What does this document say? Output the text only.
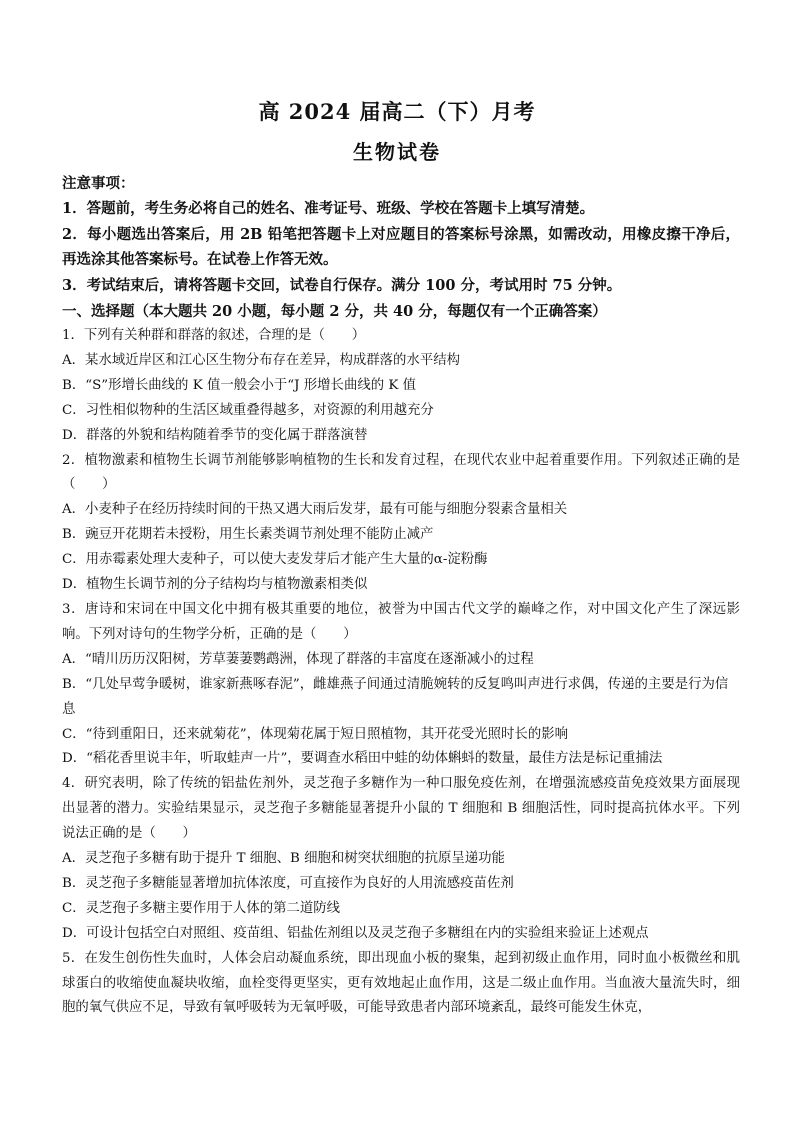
高 2024 届高二（下）月考
生物试卷
注意事项：
1．答题前，考生务必将自己的姓名、准考证号、班级、学校在答题卡上填写清楚。
2．每小题选出答案后，用 2B 铅笔把答题卡上对应题目的答案标号涂黑，如需改动，用橡皮擦干净后，再选涂其他答案标号。在试卷上作答无效。
3．考试结束后，请将答题卡交回，试卷自行保存。满分 100 分，考试用时 75 分钟。
一、选择题（本大题共 20 小题，每小题 2 分，共 40 分，每题仅有一个正确答案）
1．下列有关种群和群落的叙述，合理的是（　　）
A．某水域近岸区和江心区生物分布存在差异，构成群落的水平结构
B．“S”形增长曲线的 K 值一般会小于“J 形增长曲线的 K 值
C．习性相似物种的生活区域重叠得越多，对资源的利用越充分
D．群落的外貌和结构随着季节的变化属于群落演替
2．植物激素和植物生长调节剂能够影响植物的生长和发育过程，在现代农业中起着重要作用。下列叙述正确的是（　　）
A．小麦种子在经历持续时间的干热又遇大雨后发芽，最有可能与细胞分裂素含量相关
B．豌豆开花期若未授粉，用生长素类调节剂处理不能防止减产
C．用赤霉素处理大麦种子，可以使大麦发芽后才能产生大量的α-淀粉酶
D．植物生长调节剂的分子结构均与植物激素相类似
3．唐诗和宋词在中国文化中拥有极其重要的地位，被誉为中国古代文学的巅峰之作，对中国文化产生了深远影响。下列对诗句的生物学分析，正确的是（　　）
A．“晴川历历汉阳树，芳草萋萋鹦鹉洲，体现了群落的丰富度在逐渐减小的过程
B．“几处早莺争暖树，谁家新燕啄春泥”，雌雄燕子间通过清脆婉转的反复鸣叫声进行求偶，传递的主要是行为信息
C．“待到重阳日，还来就菊花”，体现菊花属于短日照植物，其开花受光照时长的影响
D．“稻花香里说丰年，听取蛙声一片”，要调查水稻田中蛙的幼体蝌蚪的数量，最佳方法是标记重捕法
4．研究表明，除了传统的铝盐佐剂外，灵芝孢子多糖作为一种口服免疫佐剂，在增强流感疫苗免疫效果方面展现出显著的潜力。实验结果显示，灵芝孢子多糖能显著提升小鼠的 T 细胞和 B 细胞活性，同时提高抗体水平。下列说法正确的是（　　）
A．灵芝孢子多糖有助于提升 T 细胞、B 细胞和树突状细胞的抗原呈递功能
B．灵芝孢子多糖能显著增加抗体浓度，可直接作为良好的人用流感疫苗佐剂
C．灵芝孢子多糖主要作用于人体的第二道防线
D．可设计包括空白对照组、疫苗组、铝盐佐剂组以及灵芝孢子多糖组在内的实验组来验证上述观点
5．在发生创伤性失血时，人体会启动凝血系统，即出现血小板的聚集，起到初级止血作用，同时血小板微丝和肌球蛋白的收缩使血凝块收缩，血栓变得更坚实，更有效地起止血作用，这是二级止血作用。当血液大量流失时，细胞的氧气供应不足，导致有氧呼吸转为无氧呼吸，可能导致患者内部环境紊乱，最终可能发生休克，
